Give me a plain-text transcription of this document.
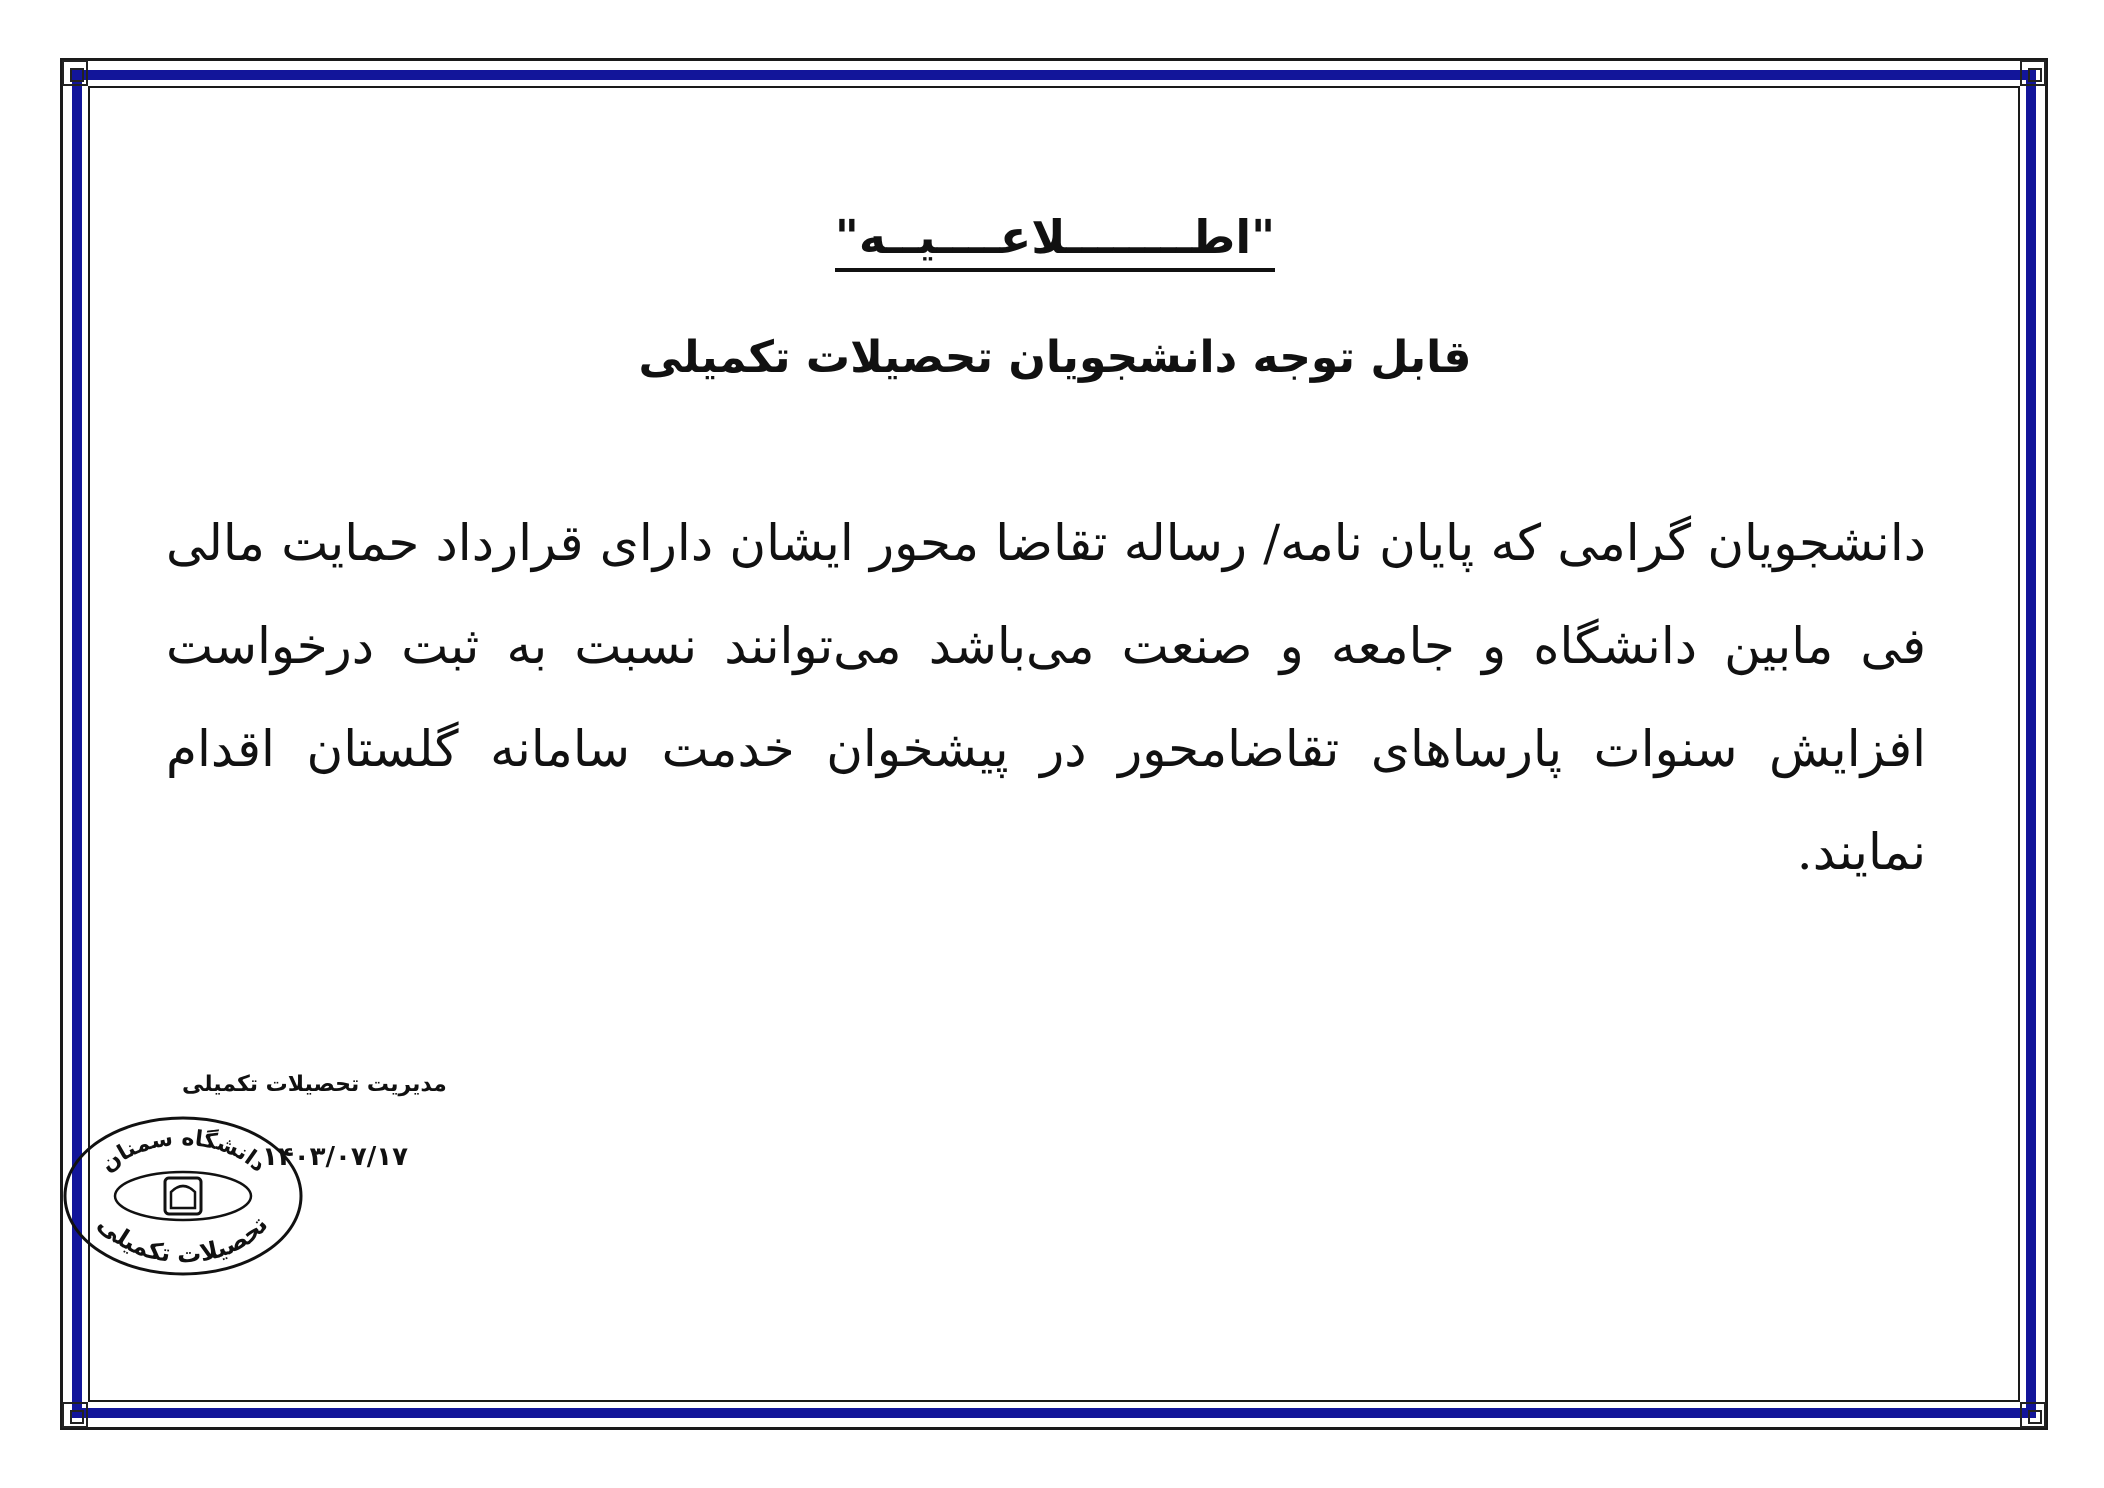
"اطــــــــلاعــــیــه"
قابل توجه دانشجویان تحصیلات تکمیلی
دانشجویان گرامی که پایان نامه/ رساله تقاضا محور ایشان دارای قرارداد حمایت مالی فی مابین دانشگاه و جامعه و صنعت می‌باشد می‌توانند نسبت به ثبت درخواست افزایش سنوات پارساهای تقاضامحور در پیشخوان خدمت سامانه گلستان اقدام نمایند.
مدیریت تحصیلات تکمیلی
۱۴۰۳/۰۷/۱۷
دانشگاه سمنان
تحصیلات تکمیلی
